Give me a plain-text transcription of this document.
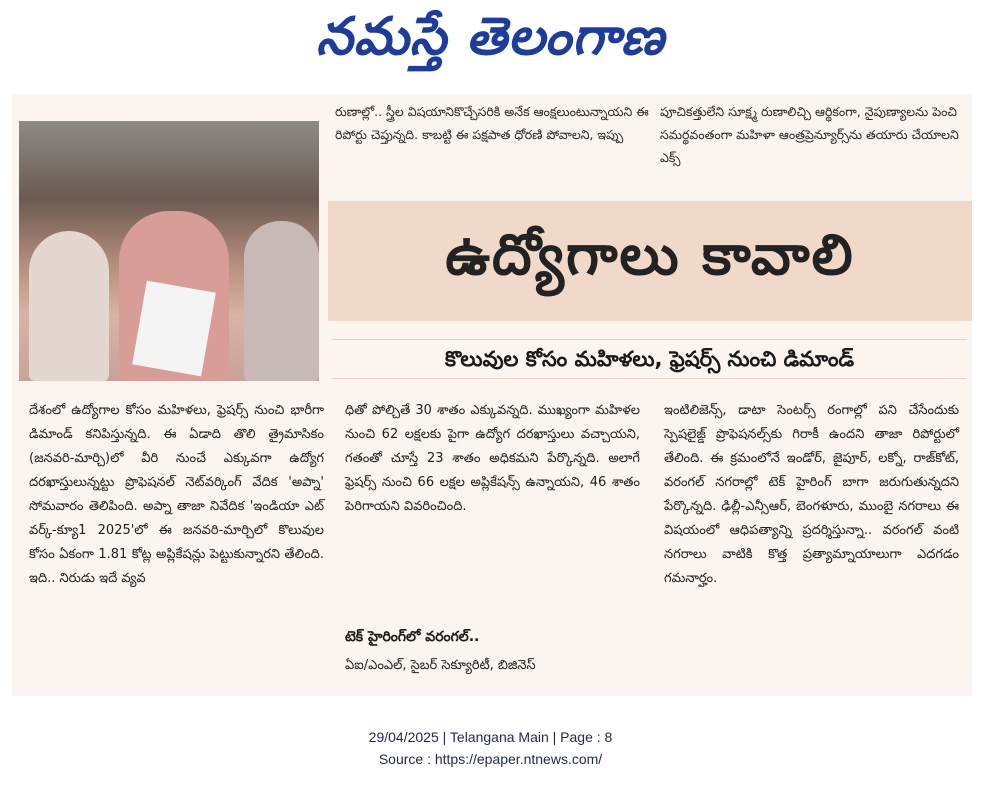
నమస్తే తెలంగాణ

రుణాల్లో.. స్త్రీల విషయానికొచ్చేసరికి అనేక ఆంక్షలుంటున్నాయని ఈ రిపోర్టు చెప్తున్నది. కాబట్టి ఈ పక్షపాత ధోరణి పోవాలని, ఇప్పు

పూచికత్తులేని సూక్ష్మ రుణాలిచ్చి ఆర్థికంగా, నైపుణ్యాలను పెంచి సమర్థవంతంగా మహిళా ఆంత్రప్రెన్యూర్స్‌ను తయారు చేయాలని ఎక్స్

ఉద్యోగాలు కావాలి
కొలువుల కోసం మహిళలు, ఫ్రెషర్స్ నుంచి డిమాండ్

దేశంలో ఉద్యోగాల కోసం మహిళలు, ఫ్రెషర్స్ నుంచి భారీగా డిమాండ్ కనిపిస్తున్నది. ఈ ఏడాది తొలి త్రైమాసికం (జనవరి-మార్చి)లో వీరి నుంచే ఎక్కువగా ఉద్యోగ దరఖాస్తులున్నట్టు ప్రొఫెషనల్ నెట్‌వర్కింగ్ వేదిక 'అప్నా' సోమవారం తెలిపింది. అప్నా తాజా నివేదిక 'ఇండియా ఎట్ వర్క్-క్యూ1 2025'లో ఈ జనవరి-మార్చిలో కొలువుల కోసం ఏకంగా 1.81 కోట్ల అప్లికేషన్లు పెట్టుకున్నారని తేలింది. ఇది.. నిరుడు ఇదే వ్యవ

ధితో పోల్చితే 30 శాతం ఎక్కువన్నది. ముఖ్యంగా మహిళల నుంచి 62 లక్షలకు పైగా ఉద్యోగ దరఖాస్తులు వచ్చాయని, గతంతో చూస్తే 23 శాతం అధికమని పేర్కొన్నది. అలాగే ఫ్రెషర్స్ నుంచి 66 లక్షల అప్లికేషన్స్ ఉన్నాయని, 46 శాతం పెరిగాయని వివరించింది.

టెక్ హైరింగ్‌లో వరంగల్..

ఏఐ/ఎంఎల్, సైబర్ సెక్యూరిటీ, బిజినెస్

ఇంటిలిజెన్స్, డాటా సెంటర్స్ రంగాల్లో పని చేసేందుకు స్పెషలైజ్డ్ ప్రొఫెషనల్స్‌కు గిరాకీ ఉందని తాజా రిపోర్టులో తేలింది. ఈ క్రమంలోనే ఇండోర్, జైపూర్, లక్నో, రాజ్‌కోట్, వరంగల్ నగరాల్లో టెక్ హైరింగ్ బాగా జరుగుతున్నదని పేర్కొన్నది. ఢిల్లీ-ఎన్సీఆర్, బెంగళూరు, ముంబై నగరాలు ఈ విషయంలో ఆధిపత్యాన్ని ప్రదర్శిస్తున్నా.. వరంగల్ వంటి నగరాలు వాటికి కొత్త ప్రత్యామ్నాయాలుగా ఎదగడం గమనార్హం.

29/04/2025 | Telangana Main | Page : 8
Source : https://epaper.ntnews.com/
